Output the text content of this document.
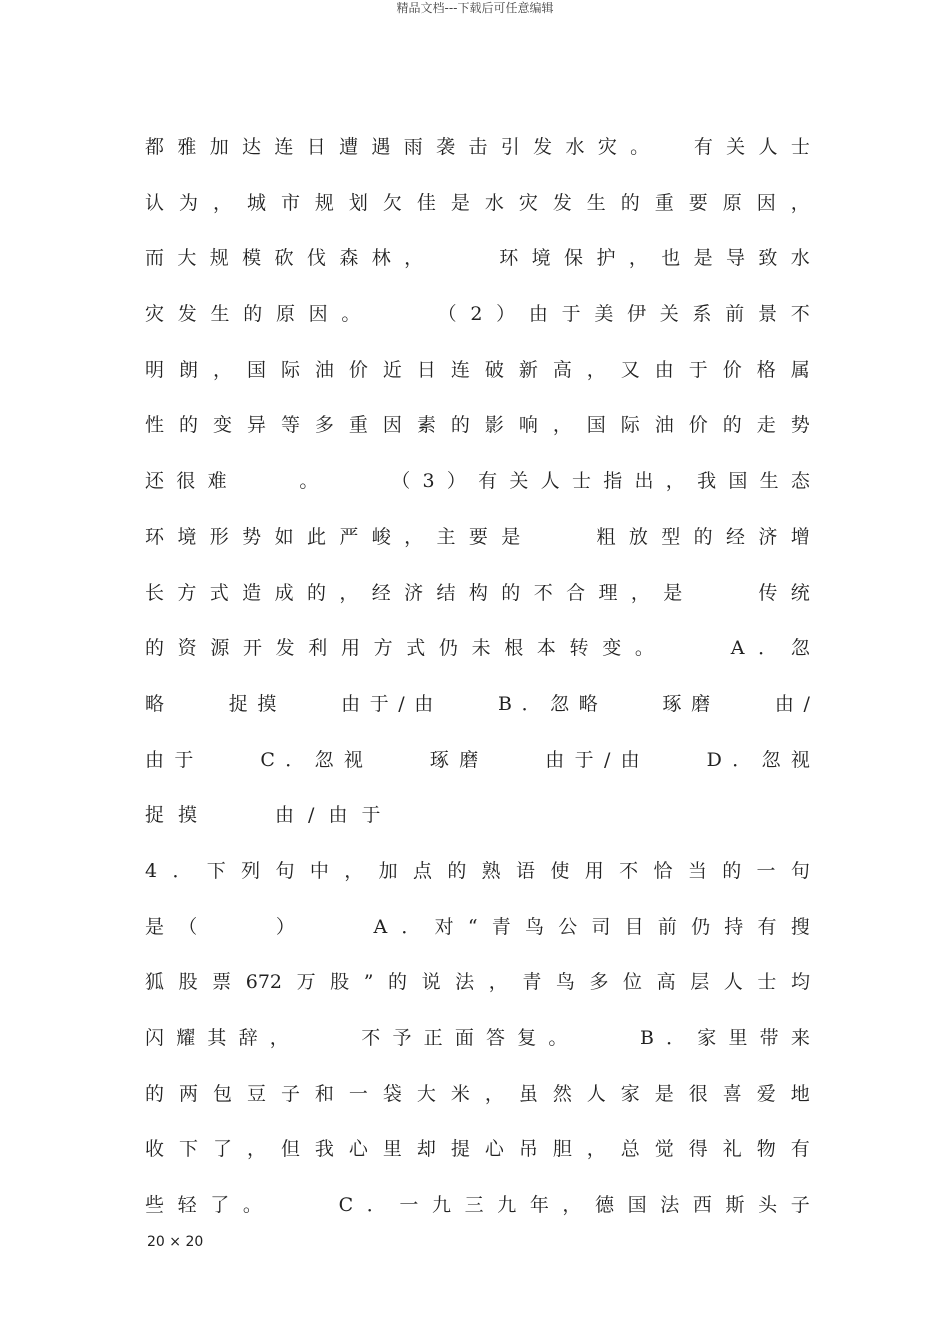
精品文档---下载后可任意编辑
都 雅 加 达 连 日 遭 遇 雨 袭 击 引 发 水 灾 。
有 关 人 士
认 为 ， 城 市 规 划 欠 佳 是 水 灾 发 生 的 重 要 原 因 ，
而 大 规 模 砍 伐 森 林 ，

	环 境 保 护 ， 也 是 导 致 水
灾 发 生 的 原 因 。

	（ 2 ） 由 于 美 伊 关 系 前 景 不
明 朗 ， 国 际 油 价 近 日 连 破 新 高 ， 又 由 于 价 格 属
性 的 变 异 等 多 重 因 素 的 影 响 ， 国 际 油 价 的 走 势
还 很 难

	。

	（ 3 ） 有 关 人 士 指 出 ， 我 国 生 态
环 境 形 势 如 此 严 峻 ， 主 要 是

	粗 放 型 的 经 济 增
长 方 式 造 成 的 ， 经 济 结 构 的 不 合 理 ， 是

	传 统
的 资 源 开 发 利 用 方 式 仍 未 根 本 转 变 。

	A ． 忽
略

	捉 摸

	由 于 / 由

	B ． 忽 略

	琢 磨

	由 /
由 于

	C ． 忽 视

	琢 磨

	由 于 / 由

	D ． 忽 视
捉 摸

	由 / 由 于
4 ． 下 列 句 中 ， 加 点 的 熟 语 使 用 不 恰 当 的 一 句
是 （

	）

	A ． 对 “ 青 鸟 公 司 目 前 仍 持 有 搜
狐 股 票 672 万 股 ” 的 说 法 ， 青 鸟 多 位 高 层 人 士 均
闪 耀 其 辞 ，

	不 予 正 面 答 复 。

	B ． 家 里 带 来
的 两 包 豆 子 和 一 袋 大 米 ， 虽 然 人 家 是 很 喜 爱 地
收 下 了 ， 但 我 心 里 却 提 心 吊 胆 ， 总 觉 得 礼 物 有
些 轻 了 。

	C ． 一 九 三 九 年 ， 德 国 法 西 斯 头 子
20 × 20
